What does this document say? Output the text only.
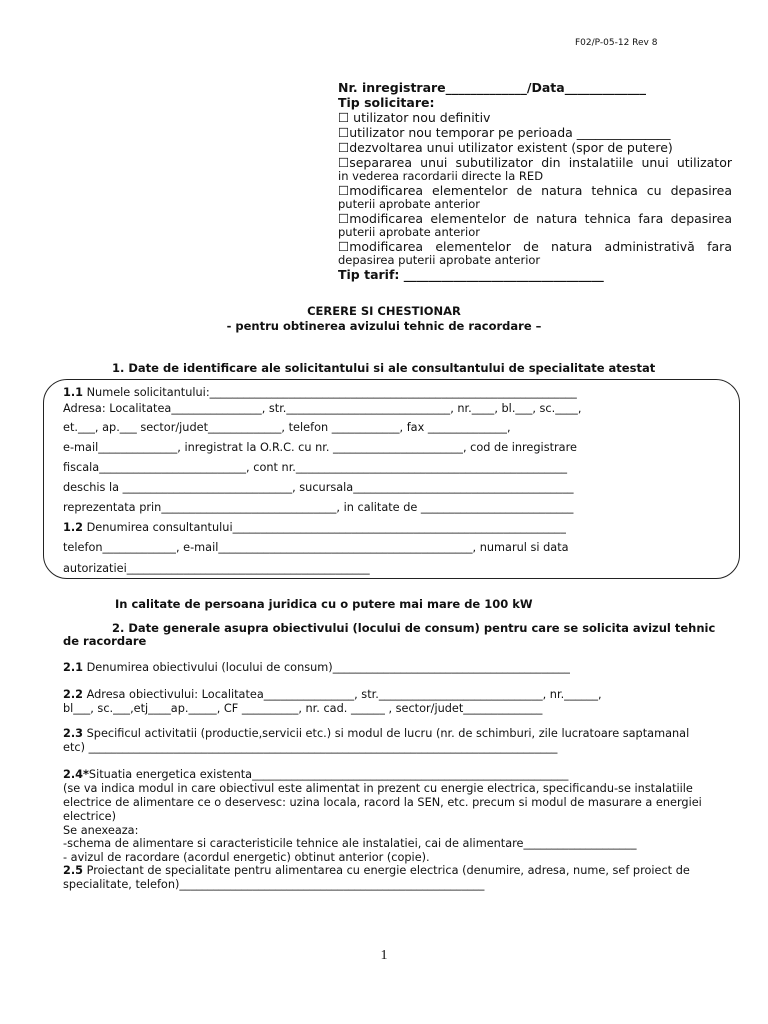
F02/P-05-12 Rev 8
Nr. inregistrare_____________/Data_____________
Tip solicitare:
☐ utilizator nou definitiv
☐utilizator nou temporar pe perioada _______________
☐dezvoltarea unui utilizator existent (spor de putere)
☐separarea unui subutilizator din instalatiile unui utilizator
in vederea racordarii directe la RED
☐modificarea elementelor de natura tehnica cu depasirea
puterii aprobate anterior
☐modificarea elementelor de natura tehnica fara depasirea
puterii aprobate anterior
☐modificarea elementelor de natura administrativă fara
depasirea puterii aprobate anterior
Tip tarif: ________________________________
CERERE SI CHESTIONAR
- pentru obtinerea avizului tehnic de racordare –
1. Date de identificare ale solicitantului si ale consultantului de specialitate atestat
1.1 Numele solicitantului:_________________________________________________________________
Adresa: Localitatea________________, str._____________________________, nr.____, bl.___, sc.____,
et.___, ap.___ sector/judet_____________, telefon ____________, fax ______________,
e-mail______________, inregistrat la O.R.C. cu nr. _______________________, cod de inregistrare
fiscala__________________________, cont nr.________________________________________________
deschis la ______________________________, sucursala_______________________________________
reprezentata prin_______________________________, in calitate de ___________________________
1.2 Denumirea consultantului___________________________________________________________
telefon_____________, e-mail_____________________________________________, numarul si data
autorizatiei___________________________________________
In calitate de persoana juridica cu o putere mai mare de 100 kW
2. Date generale asupra obiectivului (locului de consum) pentru care se solicita avizul tehnic
de racordare
2.1 Denumirea obiectivului (locului de consum)__________________________________________
2.2 Adresa obiectivului: Localitatea________________, str._____________________________, nr.______,
bl___, sc.___,etj____ap._____, CF __________, nr. cad. ______ , sector/judet______________
2.3 Specificul activitatii (productie,servicii etc.) si modul de lucru (nr. de schimburi, zile lucratoare saptamanal
etc) ___________________________________________________________________________________
2.4*Situatia energetica existenta________________________________________________________
(se va indica modul in care obiectivul este alimentat in prezent cu energie electrica, specificandu-se instalatiile
electrice de alimentare ce o deservesc: uzina locala, racord la SEN, etc. precum si modul de masurare a energiei
electrice)
Se anexeaza:
-schema de alimentare si caracteristicile tehnice ale instalatiei, cai de alimentare____________________
- avizul de racordare (acordul energetic) obtinut anterior (copie).
2.5 Proiectant de specialitate pentru alimentarea cu energie electrica (denumire, adresa, nume, sef proiect de
specialitate, telefon)______________________________________________________
1
